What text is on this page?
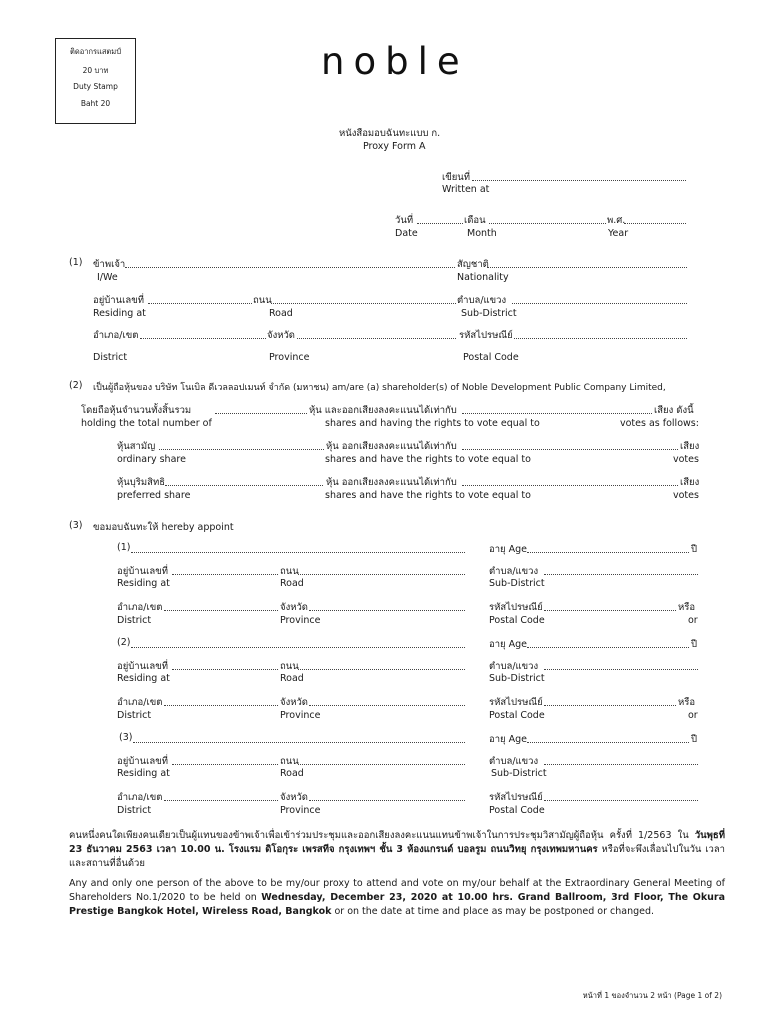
ติดอากรแสตมป์
20 บาท
Duty Stamp
Baht 20
noble
หนังสือมอบฉันทะแบบ ก.
Proxy Form A
เขียนที่
Written at
วันที่	เดือน	พ.ศ.
Date	Month	Year
(1) ข้าพเจ้า	สัญชาติ
I/We	Nationality
อยู่บ้านเลขที่	ถนน	ตำบล/แขวง
Residing at	Road	Sub-District
อำเภอ/เขต	จังหวัด	รหัสไปรษณีย์
District	Province	Postal Code
(2) เป็นผู้ถือหุ้นของ บริษัท โนเบิล ดีเวลลอปเมนท์ จำกัด (มหาชน) am/are (a) shareholder(s) of Noble Development Public Company Limited,
โดยถือหุ้นจำนวนทั้งสิ้นรวม	หุ้น และออกเสียงลงคะแนนได้เท่ากับ	เสียง ดังนี้
holding the total number of	shares and having the rights to vote equal to	votes as follows:
หุ้นสามัญ	หุ้น ออกเสียงลงคะแนนได้เท่ากับ	เสียง
ordinary share	shares and have the rights to vote equal to	votes
หุ้นบุริมสิทธิ	หุ้น ออกเสียงลงคะแนนได้เท่ากับ	เสียง
preferred share	shares and have the rights to vote equal to	votes
(3) ขอมอบฉันทะให้ hereby appoint
(1)	อายุ Age	ปี
อยู่บ้านเลขที่	ถนน	ตำบล/แขวง
Residing at	Road	Sub-District
อำเภอ/เขต	จังหวัด	รหัสไปรษณีย์	หรือ
District	Province	Postal Code	or
(2)	อายุ Age	ปี
อยู่บ้านเลขที่	ถนน	ตำบล/แขวง
Residing at	Road	Sub-District
อำเภอ/เขต	จังหวัด	รหัสไปรษณีย์	หรือ
District	Province	Postal Code	or
(3)	อายุ Age	ปี
อยู่บ้านเลขที่	ถนน	ตำบล/แขวง
Residing at	Road	Sub-District
อำเภอ/เขต	จังหวัด	รหัสไปรษณีย์
District	Province	Postal Code
คนหนึ่งคนใดเพียงคนเดียวเป็นผู้แทนของข้าพเจ้าเพื่อเข้าร่วมประชุมและออกเสียงลงคะแนนแทนข้าพเจ้าในการประชุมวิสามัญผู้ถือหุ้น ครั้งที่ 1/2563 ใน วันพุธที่ 23 ธันวาคม 2563 เวลา 10.00 น. โรงแรม ดิโอกุระ เพรสทีจ กรุงเทพฯ ชั้น 3 ห้องแกรนด์ บอลรูม ถนนวิทยุ กรุงเทพมหานคร หรือที่จะพึงเลื่อนไปในวัน เวลา และสถานที่อื่นด้วย
Any and only one person of the above to be my/our proxy to attend and vote on my/our behalf at the Extraordinary General Meeting of Shareholders No.1/2020 to be held on Wednesday, December 23, 2020 at 10.00 hrs. Grand Ballroom, 3rd Floor, The Okura Prestige Bangkok Hotel, Wireless Road, Bangkok or on the date at time and place as may be postponed or changed.
หน้าที่ 1 ของจำนวน 2 หน้า (Page 1 of 2)
